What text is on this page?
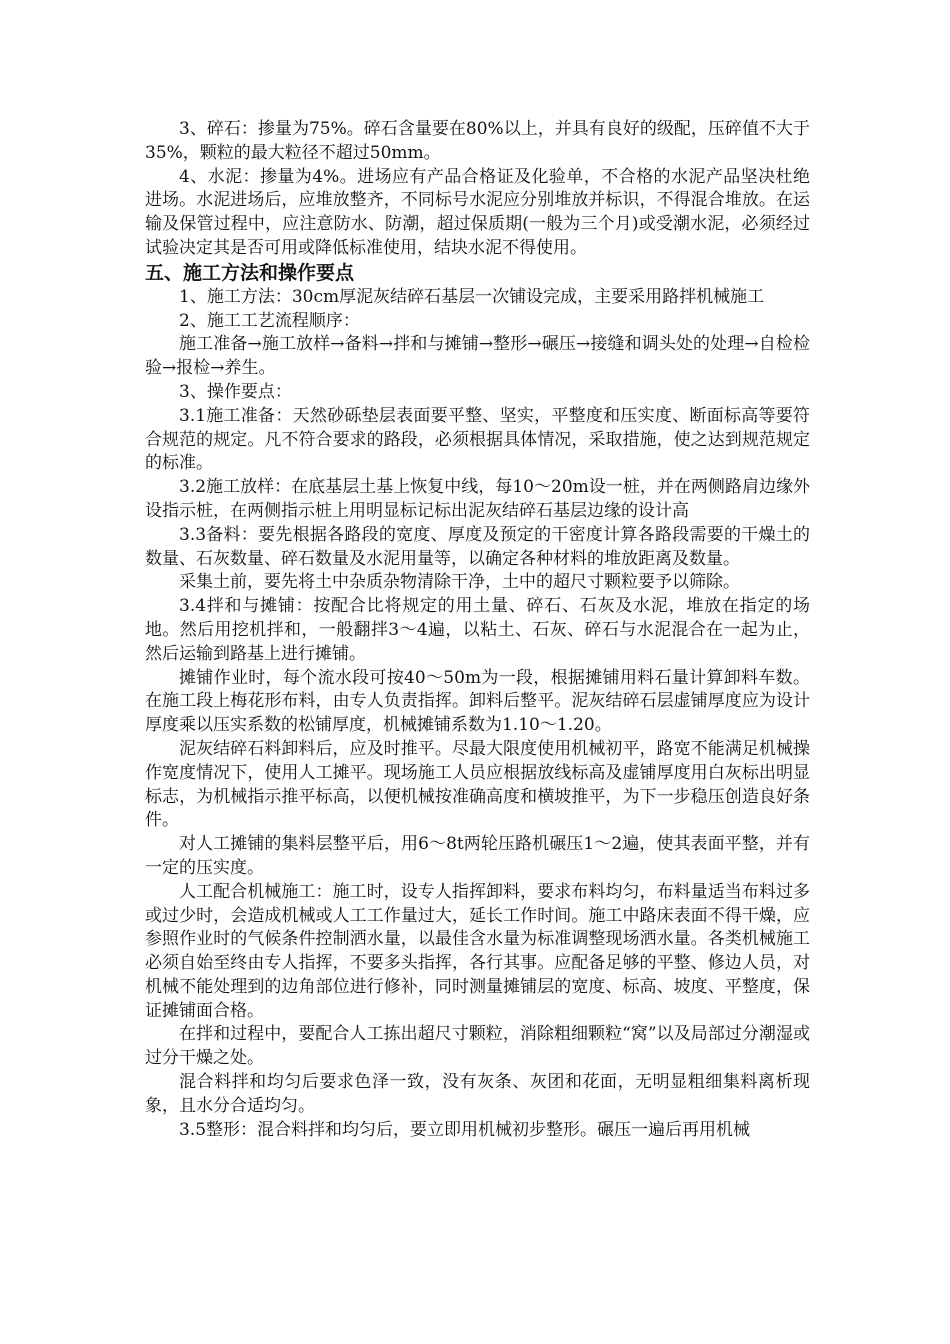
3、碎石：掺量为75%。碎石含量要在80%以上，并具有良好的级配，压碎值不大于35%，颗粒的最大粒径不超过50mm。

4、水泥：掺量为4%。进场应有产品合格证及化验单，不合格的水泥产品坚决杜绝进场。水泥进场后，应堆放整齐，不同标号水泥应分别堆放并标识，不得混合堆放。在运输及保管过程中，应注意防水、防潮，超过保质期(一般为三个月)或受潮水泥，必须经过试验决定其是否可用或降低标准使用，结块水泥不得使用。

五、施工方法和操作要点

1、施工方法：30cm厚泥灰结碎石基层一次铺设完成，主要采用路拌机械施工

2、施工工艺流程顺序：

施工准备→施工放样→备料→拌和与摊铺→整形→碾压→接缝和调头处的处理→自检检验→报检→养生。

3、操作要点：

3.1施工准备：天然砂砾垫层表面要平整、坚实，平整度和压实度、断面标高等要符合规范的规定。凡不符合要求的路段，必须根据具体情况，采取措施，使之达到规范规定的标准。

3.2施工放样：在底基层土基上恢复中线，每10～20m设一桩，并在两侧路肩边缘外设指示桩，在两侧指示桩上用明显标记标出泥灰结碎石基层边缘的设计高

3.3备料：要先根据各路段的宽度、厚度及预定的干密度计算各路段需要的干燥土的数量、石灰数量、碎石数量及水泥用量等，以确定各种材料的堆放距离及数量。

采集土前，要先将土中杂质杂物清除干净，土中的超尺寸颗粒要予以筛除。

3.4拌和与摊铺：按配合比将规定的用土量、碎石、石灰及水泥，堆放在指定的场地。然后用挖机拌和，一般翻拌3～4遍，以粘土、石灰、碎石与水泥混合在一起为止，然后运输到路基上进行摊铺。

摊铺作业时，每个流水段可按40～50m为一段，根据摊铺用料石量计算卸料车数。在施工段上梅花形布料，由专人负责指挥。卸料后整平。泥灰结碎石层虚铺厚度应为设计厚度乘以压实系数的松铺厚度，机械摊铺系数为1.10～1.20。

泥灰结碎石料卸料后，应及时推平。尽最大限度使用机械初平，路宽不能满足机械操作宽度情况下，使用人工摊平。现场施工人员应根据放线标高及虚铺厚度用白灰标出明显标志，为机械指示推平标高，以便机械按准确高度和横坡推平，为下一步稳压创造良好条件。

对人工摊铺的集料层整平后，用6～8t两轮压路机碾压1～2遍，使其表面平整，并有一定的压实度。

人工配合机械施工：施工时，设专人指挥卸料，要求布料均匀，布料量适当布料过多或过少时，会造成机械或人工工作量过大，延长工作时间。施工中路床表面不得干燥，应参照作业时的气候条件控制洒水量，以最佳含水量为标准调整现场洒水量。各类机械施工必须自始至终由专人指挥，不要多头指挥，各行其事。应配备足够的平整、修边人员，对机械不能处理到的边角部位进行修补，同时测量摊铺层的宽度、标高、坡度、平整度，保证摊铺面合格。

在拌和过程中，要配合人工拣出超尺寸颗粒，消除粗细颗粒“窝”以及局部过分潮湿或过分干燥之处。

混合料拌和均匀后要求色泽一致，没有灰条、灰团和花面，无明显粗细集料离析现象，且水分合适均匀。

3.5整形：混合料拌和均匀后，要立即用机械初步整形。碾压一遍后再用机械
